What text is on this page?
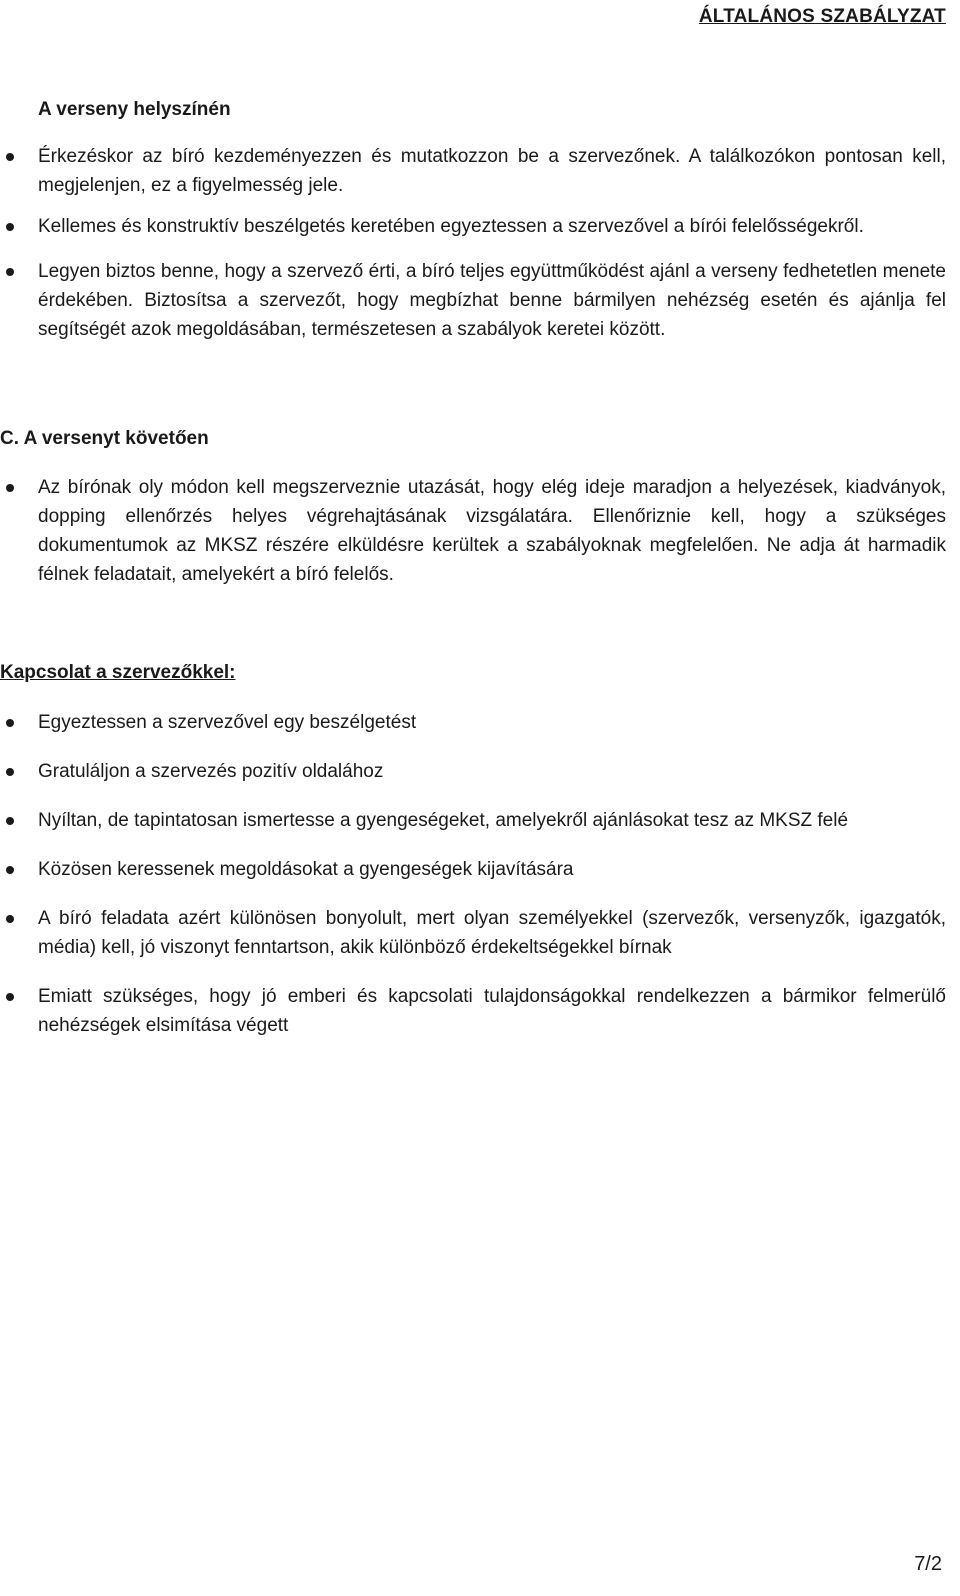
ÁLTALÁNOS SZABÁLYZAT

A verseny helyszínén

Érkezéskor az bíró kezdeményezzen és mutatkozzon be a szervezőnek. A találkozókon pontosan kell, megjelenjen, ez a figyelmesség jele.
Kellemes és konstruktív beszélgetés keretében egyeztessen a szervezővel a bírói felelősségekről.
Legyen biztos benne, hogy a szervező érti, a bíró teljes együttműködést ajánl a verseny fedhetetlen menete érdekében. Biztosítsa a szervezőt, hogy megbízhat benne bármilyen nehézség esetén és ajánlja fel segítségét azok megoldásában, természetesen a szabályok keretei között.

C. A versenyt követően

Az bírónak oly módon kell megszerveznie utazását, hogy elég ideje maradjon a helyezések, kiadványok, dopping ellenőrzés helyes végrehajtásának vizsgálatára. Ellenőriznie kell, hogy a szükséges dokumentumok az MKSZ részére elküldésre kerültek a szabályoknak megfelelően. Ne adja át harmadik félnek feladatait, amelyekért a bíró felelős.

Kapcsolat a szervezőkkel:

Egyeztessen a szervezővel egy beszélgetést
Gratuláljon a szervezés pozitív oldalához
Nyíltan, de tapintatosan ismertesse a gyengeségeket, amelyekről ajánlásokat tesz az MKSZ felé
Közösen keressenek megoldásokat a gyengeségek kijavítására
A bíró feladata azért különösen bonyolult, mert olyan személyekkel (szervezők, versenyzők, igazgatók, média) kell, jó viszonyt fenntartson, akik különböző érdekeltségekkel bírnak
Emiatt szükséges, hogy jó emberi és kapcsolati tulajdonságokkal rendelkezzen a bármikor felmerülő nehézségek elsimítása végett
7/2
